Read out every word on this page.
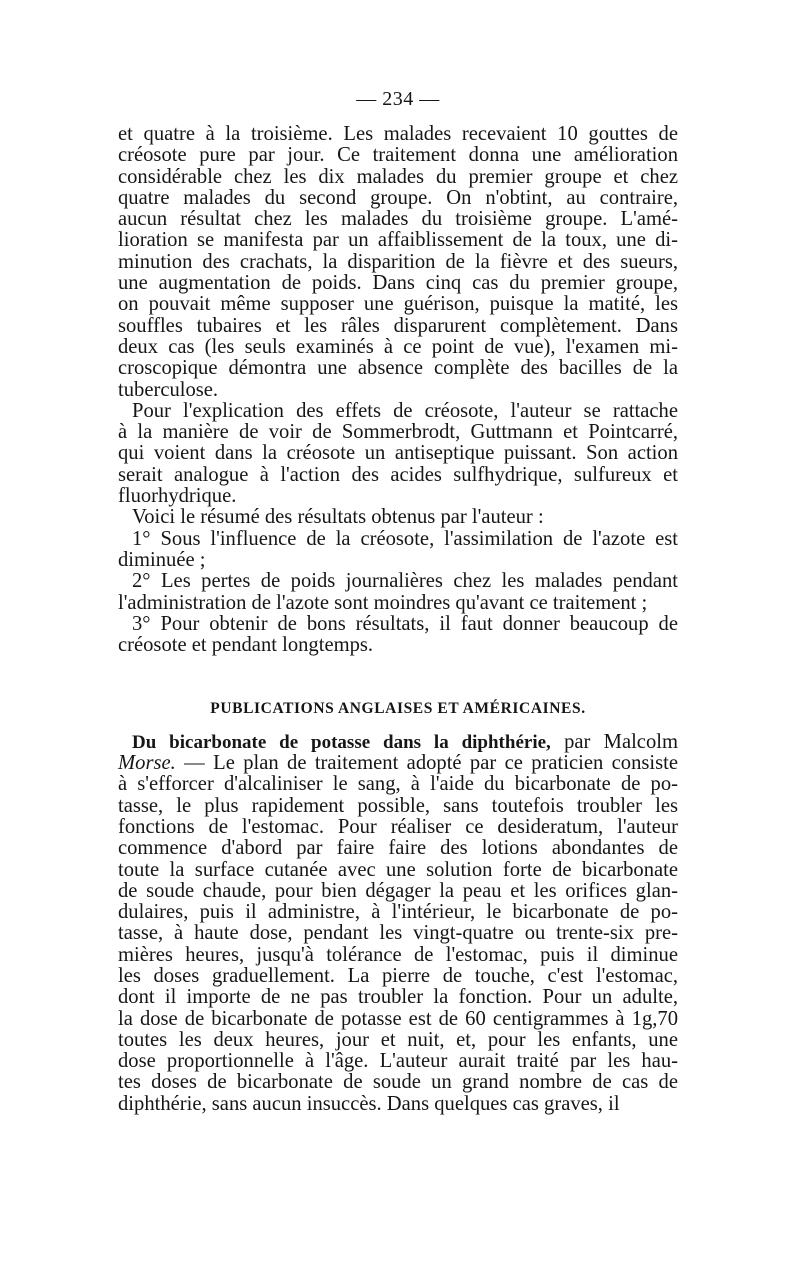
— 234 —
et quatre à la troisième. Les malades recevaient 10 gouttes de
créosote pure par jour. Ce traitement donna une amélioration
considérable chez les dix malades du premier groupe et chez
quatre malades du second groupe. On n'obtint, au contraire,
aucun résultat chez les malades du troisième groupe. L'amé-
lioration se manifesta par un affaiblissement de la toux, une di-
minution des crachats, la disparition de la fièvre et des sueurs,
une augmentation de poids. Dans cinq cas du premier groupe,
on pouvait même supposer une guérison, puisque la matité, les
souffles tubaires et les râles disparurent complètement. Dans
deux cas (les seuls examinés à ce point de vue), l'examen mi-
croscopique démontra une absence complète des bacilles de la
tuberculose.
Pour l'explication des effets de créosote, l'auteur se rattache
à la manière de voir de Sommerbrodt, Guttmann et Pointcarré,
qui voient dans la créosote un antiseptique puissant. Son action
serait analogue à l'action des acides sulfhydrique, sulfureux et
fluorhydrique.
Voici le résumé des résultats obtenus par l'auteur :
1° Sous l'influence de la créosote, l'assimilation de l'azote est
diminuée ;
2° Les pertes de poids journalières chez les malades pendant
l'administration de l'azote sont moindres qu'avant ce traitement ;
3° Pour obtenir de bons résultats, il faut donner beaucoup de
créosote et pendant longtemps.
PUBLICATIONS ANGLAISES ET AMÉRICAINES.
Du bicarbonate de potasse dans la diphthérie, par Malcolm
Morse. — Le plan de traitement adopté par ce praticien consiste
à s'efforcer d'alcaliniser le sang, à l'aide du bicarbonate de po-
tasse, le plus rapidement possible, sans toutefois troubler les
fonctions de l'estomac. Pour réaliser ce desideratum, l'auteur
commence d'abord par faire faire des lotions abondantes de
toute la surface cutanée avec une solution forte de bicarbonate
de soude chaude, pour bien dégager la peau et les orifices glan-
dulaires, puis il administre, à l'intérieur, le bicarbonate de po-
tasse, à haute dose, pendant les vingt-quatre ou trente-six pre-
mières heures, jusqu'à tolérance de l'estomac, puis il diminue
les doses graduellement. La pierre de touche, c'est l'estomac,
dont il importe de ne pas troubler la fonction. Pour un adulte,
la dose de bicarbonate de potasse est de 60 centigrammes à 1g,70
toutes les deux heures, jour et nuit, et, pour les enfants, une
dose proportionnelle à l'âge. L'auteur aurait traité par les hau-
tes doses de bicarbonate de soude un grand nombre de cas de
diphthérie, sans aucun insuccès. Dans quelques cas graves, il
